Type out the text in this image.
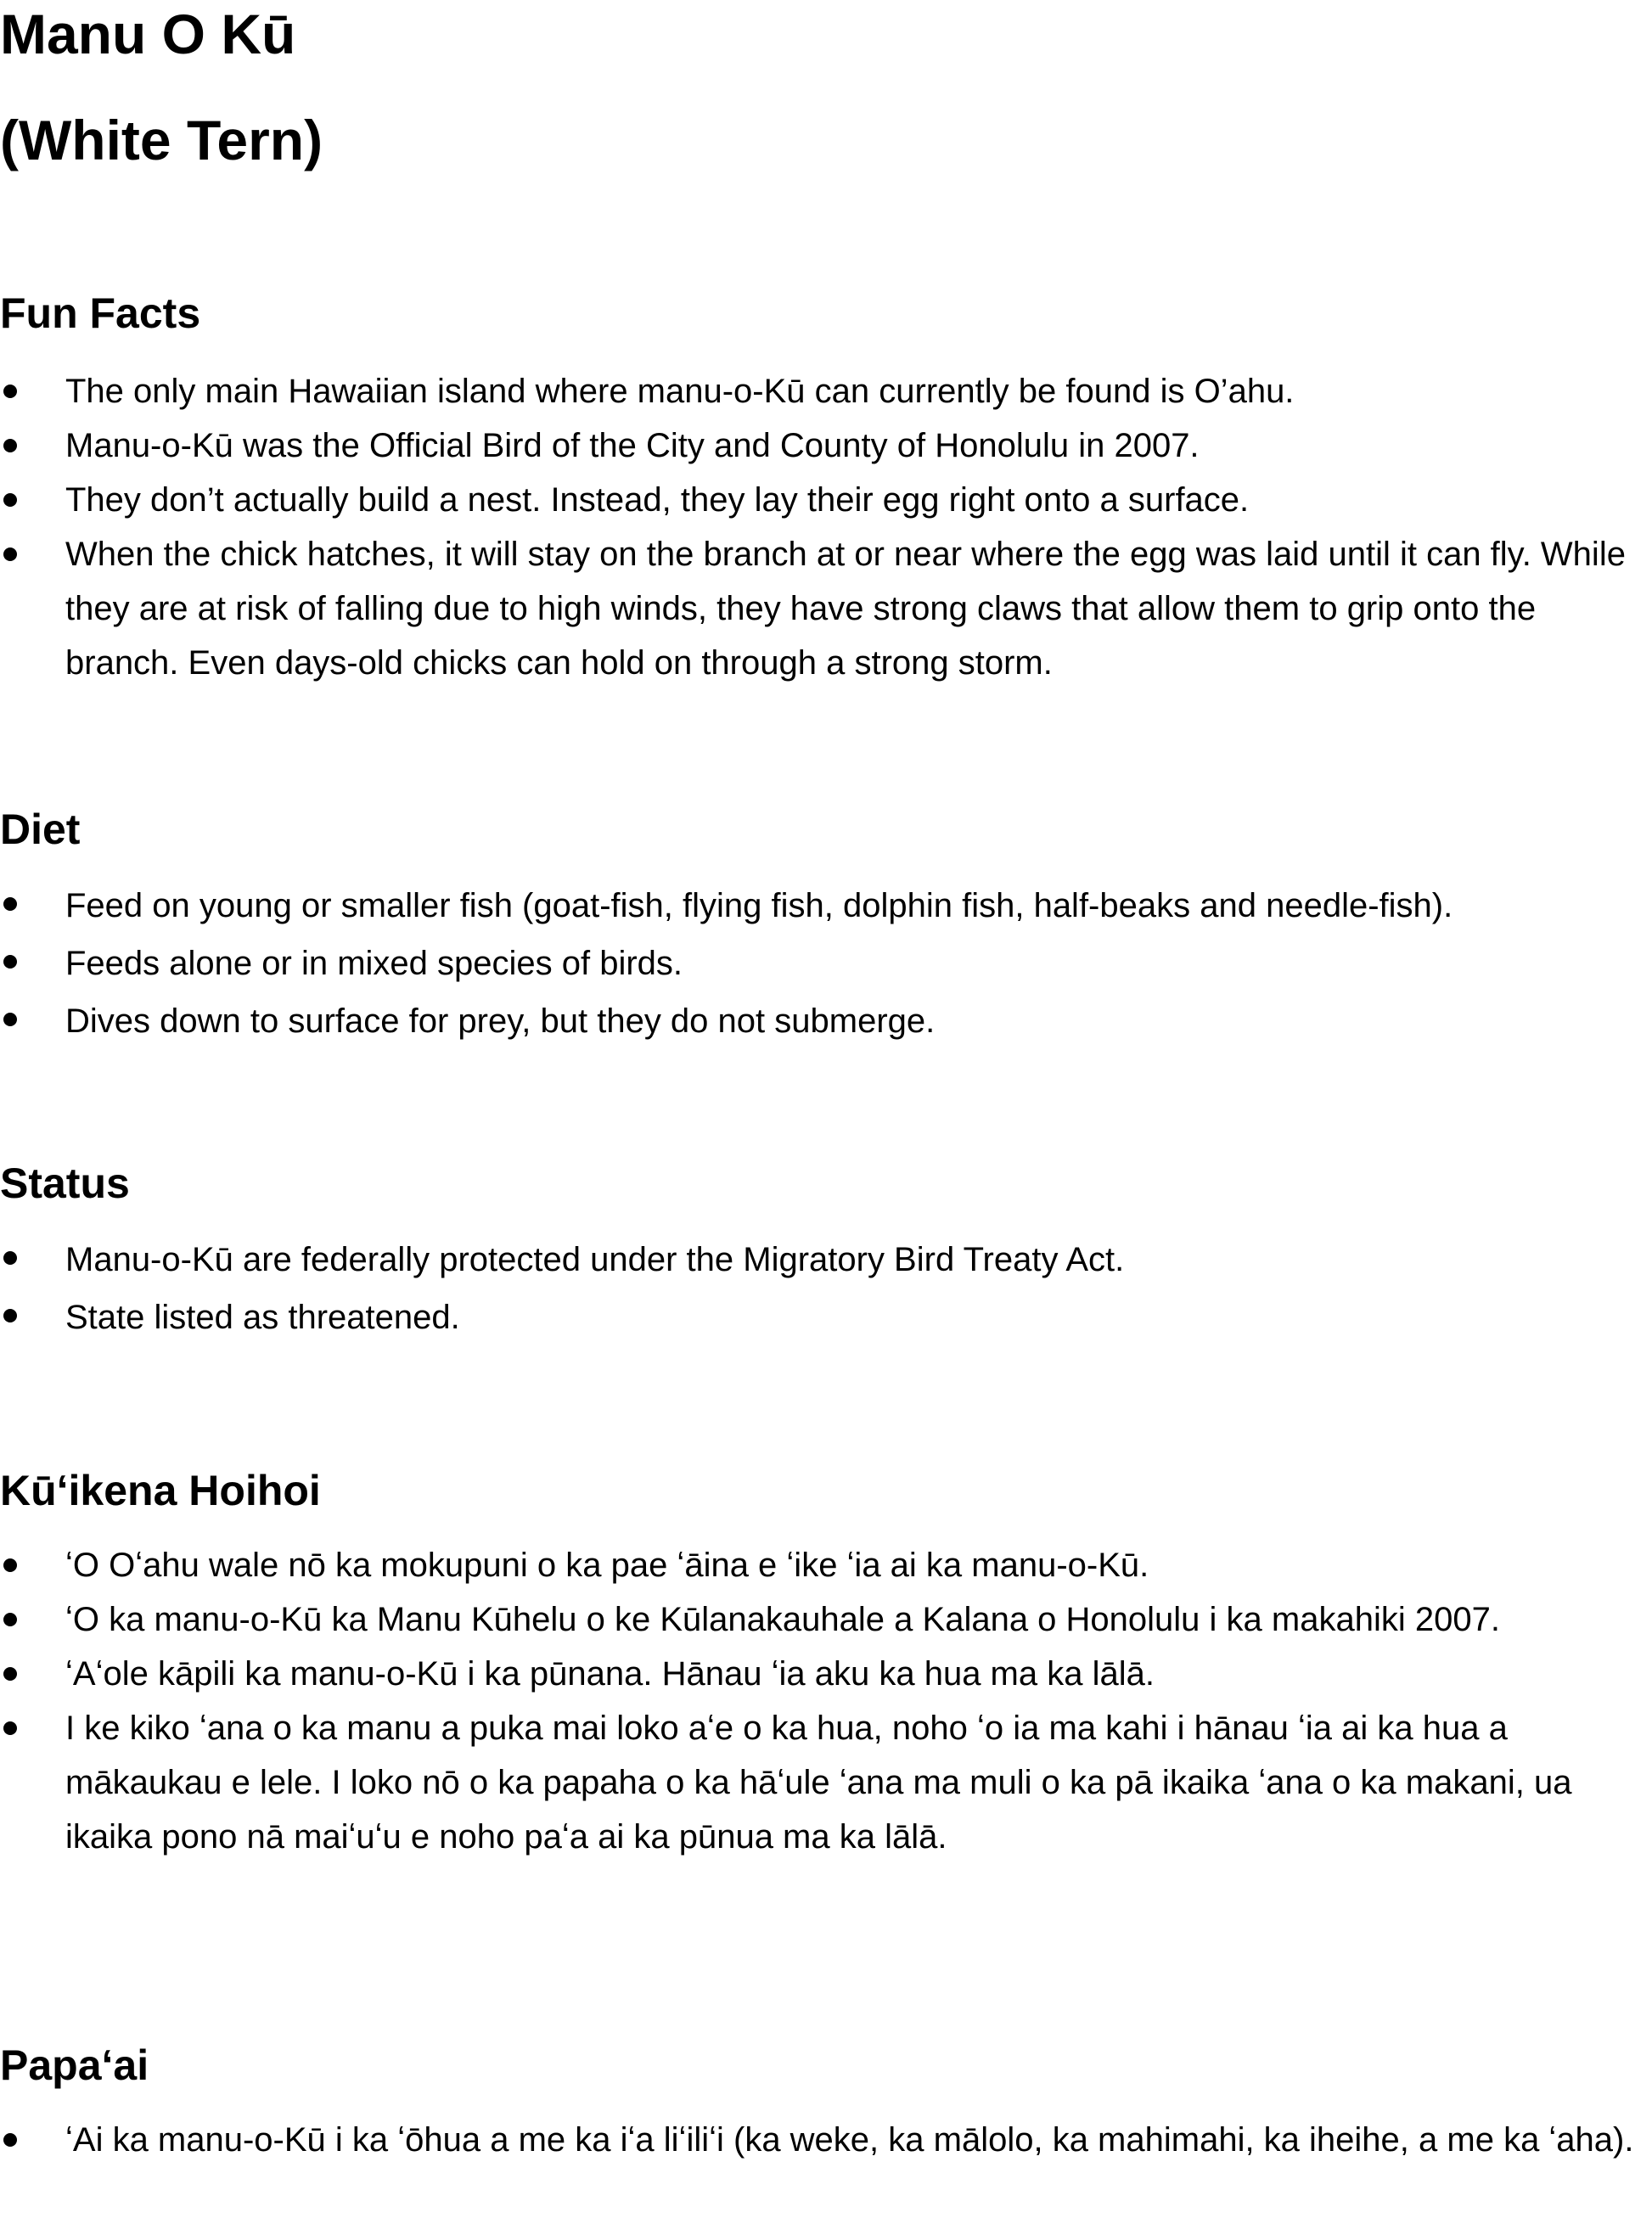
Manu O Kū
(White Tern)
Fun Facts
The only main Hawaiian island where manu-o-Kū can currently be found is O’ahu.
Manu-o-Kū was the Official Bird of the City and County of Honolulu in 2007.
They don’t actually build a nest. Instead, they lay their egg right onto a surface.
When the chick hatches, it will stay on the branch at or near where the egg was laid until it can fly. While they are at risk of falling due to high winds, they have strong claws that allow them to grip onto the branch. Even days-old chicks can hold on through a strong storm.
Diet
Feed on young or smaller fish (goat-fish, flying fish, dolphin fish, half-beaks and needle-fish).
Feeds alone or in mixed species of birds.
Dives down to surface for prey, but they do not submerge.
Status
Manu-o-Kū are federally protected under the Migratory Bird Treaty Act.
State listed as threatened.
Kūʻikena Hoihoi
ʻO Oʻahu wale nō ka mokupuni o ka pae ʻāina e ʻike ʻia ai ka manu-o-Kū.
ʻO ka manu-o-Kū ka Manu Kūhelu o ke Kūlanakauhale a Kalana o Honolulu i ka makahiki 2007.
ʻAʻole kāpili ka manu-o-Kū i ka pūnana. Hānau ʻia aku ka hua ma ka lālā.
I ke kiko ʻana o ka manu a puka mai loko aʻe o ka hua, noho ʻo ia ma kahi i hānau ʻia ai ka hua a mākaukau e lele. I loko nō o ka papaha o ka hāʻule ʻana ma muli o ka pā ikaika ʻana o ka makani, ua ikaika pono nā maiʻuʻu e noho paʻa ai ka pūnua ma ka lālā.
Papaʻai
ʻAi ka manu-o-Kū i ka ʻōhua a me ka iʻa liʻiliʻi (ka weke, ka mālolo, ka mahimahi, ka iheihe, a me ka ʻaha).
